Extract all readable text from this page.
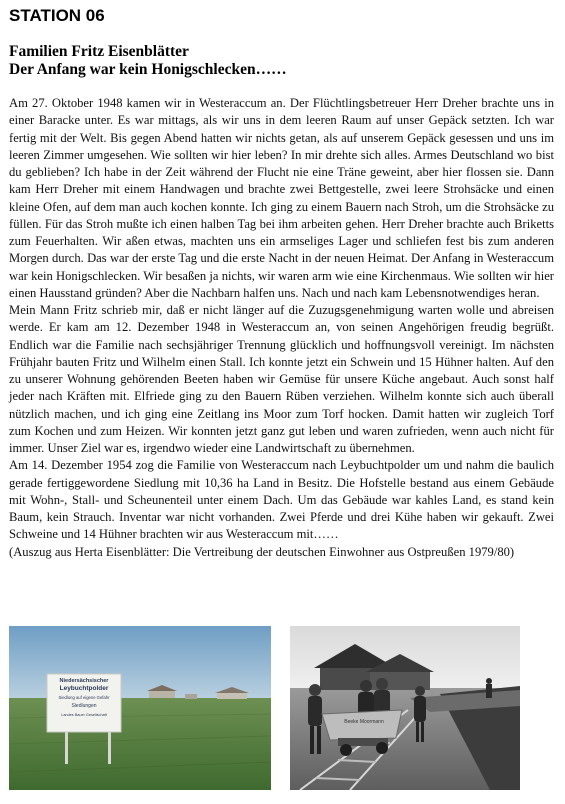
STATION 06
Familien Fritz Eisenblätter
Der Anfang war kein Honigschlecken……

Am 27. Oktober 1948 kamen wir in Westeraccum an. Der Flüchtlingsbetreuer Herr Dreher brachte uns in einer Baracke unter. Es war mittags, als wir uns in dem leeren Raum auf unser Gepäck setzten. Ich war fertig mit der Welt. Bis gegen Abend hatten wir nichts getan, als auf unserem Gepäck gesessen und uns im leeren Zimmer umgesehen. Wie sollten wir hier leben? In mir drehte sich alles. Armes Deutschland wo bist du geblieben? Ich habe in der Zeit während der Flucht nie eine Träne geweint, aber hier flossen sie. Dann kam Herr Dreher mit einem Handwagen und brachte zwei Bettgestelle, zwei leere Strohsäcke und einen kleine Ofen, auf dem man auch kochen konnte. Ich ging zu einem Bauern nach Stroh, um die Strohsäcke zu füllen. Für das Stroh mußte ich einen halben Tag bei ihm arbeiten gehen. Herr Dreher brachte auch Briketts zum Feuerhalten. Wir aßen etwas, machten uns ein armseliges Lager und schliefen fest bis zum anderen Morgen durch. Das war der erste Tag und die erste Nacht in der neuen Heimat. Der Anfang in Westeraccum war kein Honigschlecken. Wir besaßen ja nichts, wir waren arm wie eine Kirchenmaus. Wie sollten wir hier einen Hausstand gründen? Aber die Nachbarn halfen uns. Nach und nach kam Lebensnotwendiges heran.

Mein Mann Fritz schrieb mir, daß er nicht länger auf die Zuzugsgenehmigung warten wolle und abreisen werde. Er kam am 12. Dezember 1948 in Westeraccum an, von seinen Angehörigen freudig begrüßt. Endlich war die Familie nach sechsjähriger Trennung glücklich und hoffnungsvoll vereinigt. Im nächsten Frühjahr bauten Fritz und Wilhelm einen Stall. Ich konnte jetzt ein Schwein und 15 Hühner halten. Auf den zu unserer Wohnung gehörenden Beeten haben wir Gemüse für unsere Küche angebaut. Auch sonst half jeder nach Kräften mit. Elfriede ging zu den Bauern Rüben verziehen. Wilhelm konnte sich auch überall nützlich machen, und ich ging eine Zeitlang ins Moor zum Torf hocken. Damit hatten wir zugleich Torf zum Kochen und zum Heizen. Wir konnten jetzt ganz gut leben und waren zufrieden, wenn auch nicht für immer. Unser Ziel war es, irgendwo wieder eine Landwirtschaft zu übernehmen.

Am 14. Dezember 1954 zog die Familie von Westeraccum nach Leybuchtpolder um und nahm die baulich gerade fertiggewordene Siedlung mit 10,36 ha Land in Besitz. Die Hofstelle bestand aus einem Gebäude mit Wohn-, Stall- und Scheunenteil unter einem Dach. Um das Gebäude war kahles Land, es stand kein Baum, kein Strauch. Inventar war nicht vorhanden. Zwei Pferde und drei Kühe haben wir gekauft. Zwei Schweine und 14 Hühner brachten wir aus Westeraccum mit……

(Auszug aus Herta Eisenblätter: Die Vertreibung der deutschen Einwohner aus Ostpreußen 1979/80)

Niedersächsischer
Leybuchtpolder
Siedlung auf eigene Gefahr
Siedlungen
Landes Bauer Gesellschaft
Beeke Moormann
